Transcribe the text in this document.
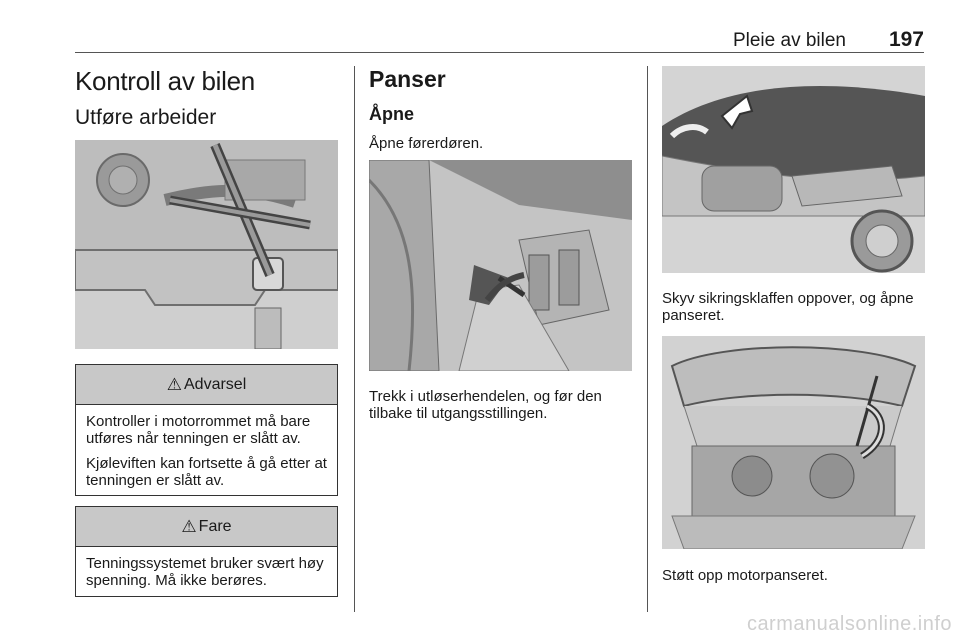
Pleie av bilen 197
Kontroll av bilen
Utføre arbeider
⚠ Advarsel

Kontroller i motorrommet må bare utføres når tenningen er slått av.

Kjøleviften kan fortsette å gå etter at tenningen er slått av.

⚠ Fare

Tenningssystemet bruker svært høy spenning. Må ikke berøres.

Panser
Åpne
Åpne førerdøren.
Trekk i utløserhendelen, og før den tilbake til utgangsstillingen.
Skyv sikringsklaffen oppover, og åpne panseret.
Støtt opp motorpanseret.
carmanualsonline.info
